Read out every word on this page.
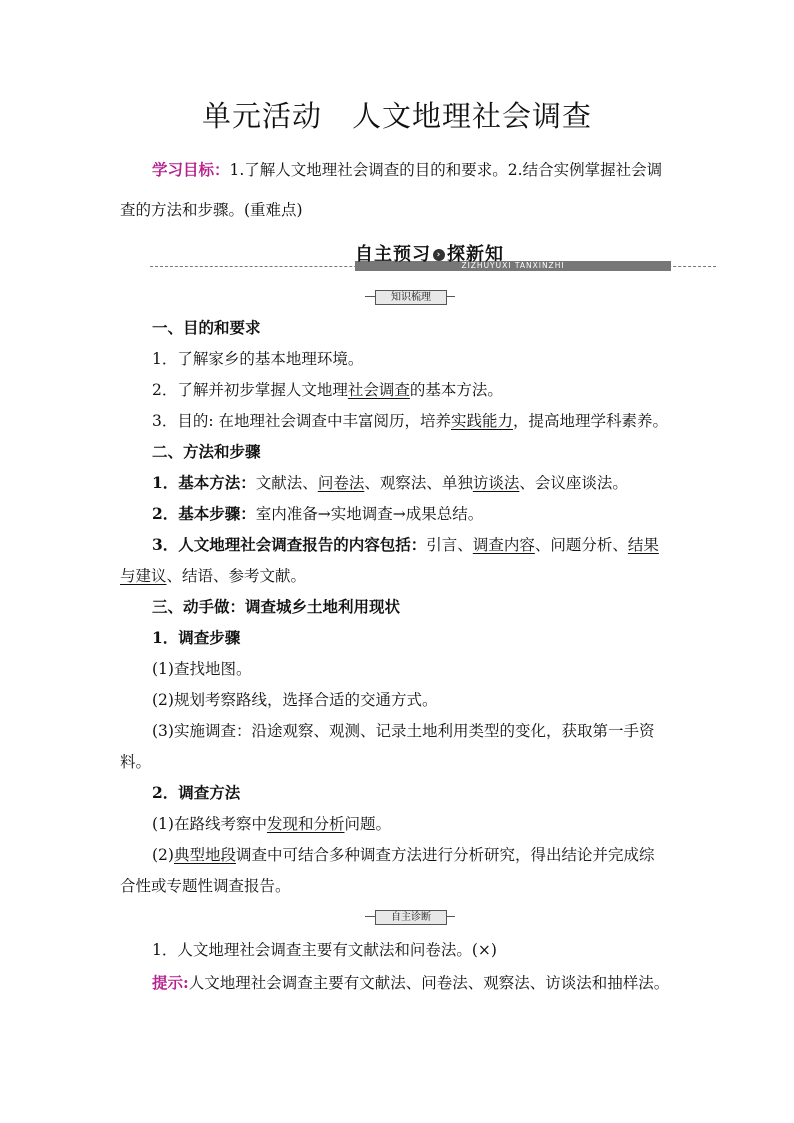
单元活动　人文地理社会调查
学习目标：1.了解人文地理社会调查的目的和要求。2.结合实例掌握社会调
查的方法和步骤。(重难点)
ZIZHUYUXI TANXINZHI
自主预习 › 探新知
知识梳理
一、目的和要求
1．了解家乡的基本地理环境。
2．了解并初步掌握人文地理社会调查的基本方法。
3．目的: 在地理社会调查中丰富阅历，培养实践能力，提高地理学科素养。
二、方法和步骤
1．基本方法：文献法、问卷法、观察法、单独访谈法、会议座谈法。
2．基本步骤：室内准备→实地调查→成果总结。
3．人文地理社会调查报告的内容包括：引言、调查内容、问题分析、结果
与建议、结语、参考文献。
三、动手做：调查城乡土地利用现状
1．调查步骤
(1)查找地图。
(2)规划考察路线，选择合适的交通方式。
(3)实施调查：沿途观察、观测、记录土地利用类型的变化，获取第一手资
料。
2．调查方法
(1)在路线考察中发现和分析问题。
(2)典型地段调查中可结合多种调查方法进行分析研究，得出结论并完成综
合性或专题性调查报告。
自主诊断
1．人文地理社会调查主要有文献法和问卷法。(×)
提示:人文地理社会调查主要有文献法、问卷法、观察法、访谈法和抽样法。
